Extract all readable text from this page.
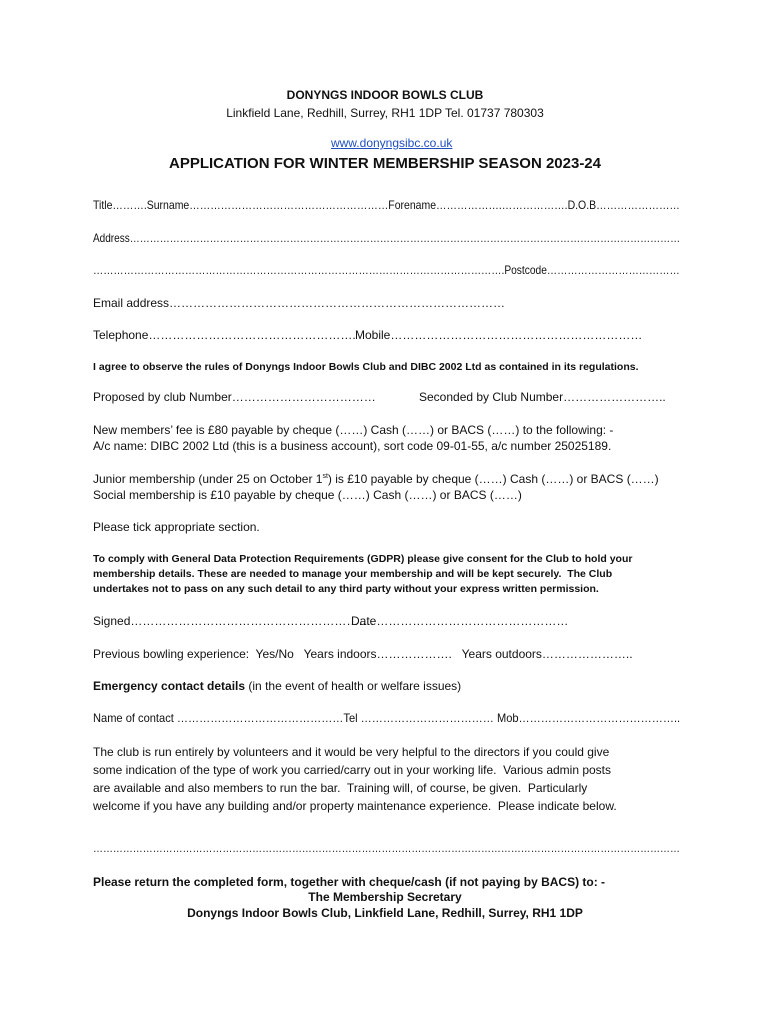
DONYNGS INDOOR BOWLS CLUB
Linkfield Lane, Redhill, Surrey, RH1 1DP Tel. 01737 780303

www.donyngsibc.co.uk

APPLICATION FOR WINTER MEMBERSHIP SEASON 2023-24
Title……….Surname…………………………………………………Forename……………….……………….D.O.B……………………
Address…………………………………………………………………………………………………………………………………………………
………………………………………………………………………………………………………….Postcode…………………………………
Email address…………………………………………………………………………
Telephone……………………………………………. Mobile………………………………………………………
I agree to observe the rules of Donyngs Indoor Bowls Club and DIBC 2002 Ltd as contained in its regulations.
Proposed by club Number………………………………	Seconded by Club Number……………………..
New members’ fee is £80 payable by cheque (……) Cash (……) or BACS (……) to the following: -
A/c name: DIBC 2002 Ltd (this is a business account), sort code 09-01-55, a/c number 25025189.
Junior membership (under 25 on October 1st) is £10 payable by cheque (……) Cash (……) or BACS (……)
Social membership is £10 payable by cheque (……) Cash (……) or BACS (……)
Please tick appropriate section.
To comply with General Data Protection Requirements (GDPR) please give consent for the Club to hold your
membership details. These are needed to manage your membership and will be kept securely.  The Club
undertakes not to pass on any such detail to any third party without your express written permission.
Signed…………………………………………………….
Date…………………………………………
Previous bowling experience:  Yes/No   Years indoors……………….   Years outdoors…………………..
Emergency contact details (in the event of health or welfare issues)
Name of contact ………………………………………Tel ……………………………… Mob……………………………………..
The club is run entirely by volunteers and it would be very helpful to the directors if you could give
some indication of the type of work you carried/carry out in your working life.  Various admin posts
are available and also members to run the bar.  Training will, of course, be given.  Particularly
welcome if you have any building and/or property maintenance experience.  Please indicate below.
……………………………………………………………………………………………………………………………………………………………
Please return the completed form, together with cheque/cash (if not paying by BACS) to: -
The Membership Secretary
Donyngs Indoor Bowls Club, Linkfield Lane, Redhill, Surrey, RH1 1DP
